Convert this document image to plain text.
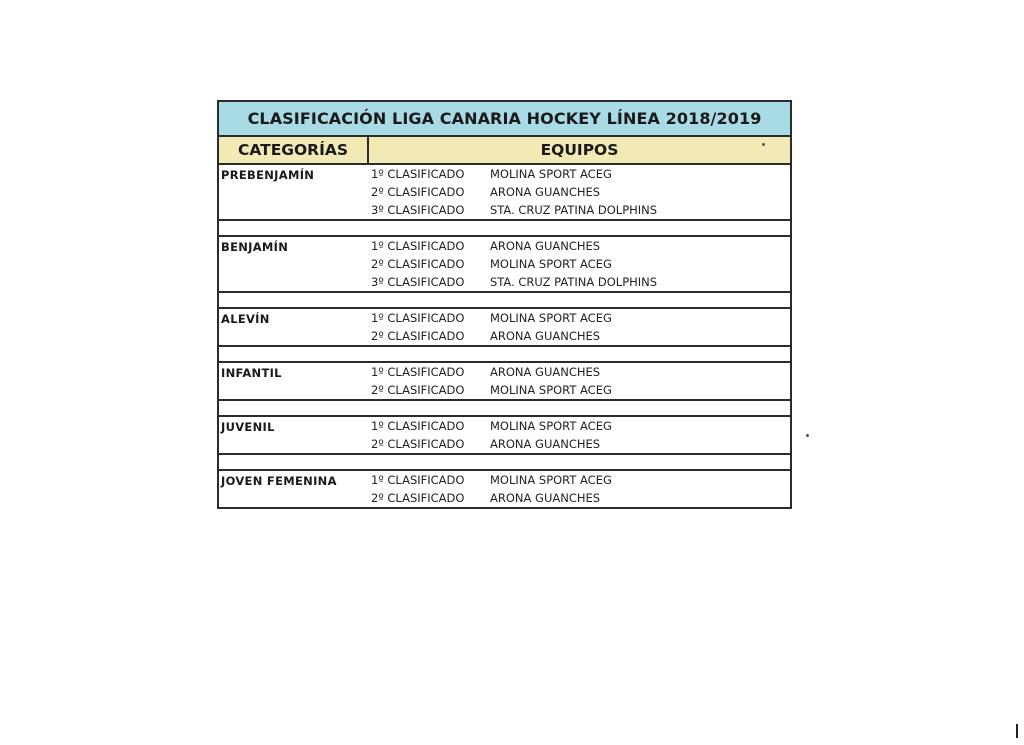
CLASIFICACIÓN LIGA CANARIA HOCKEY LÍNEA 2018/2019
CATEGORÍAS	EQUIPOS
PREBENJAMÍN	1º CLASIFICADO	MOLINA SPORT ACEG
2º CLASIFICADO	ARONA GUANCHES
3º CLASIFICADO	STA. CRUZ PATINA DOLPHINS
BENJAMÍN	1º CLASIFICADO	ARONA GUANCHES
2º CLASIFICADO	MOLINA SPORT ACEG
3º CLASIFICADO	STA. CRUZ PATINA DOLPHINS
ALEVÍN	1º CLASIFICADO	MOLINA SPORT ACEG
2º CLASIFICADO	ARONA GUANCHES
INFANTIL	1º CLASIFICADO	ARONA GUANCHES
2º CLASIFICADO	MOLINA SPORT ACEG
JUVENIL	1º CLASIFICADO	MOLINA SPORT ACEG
2º CLASIFICADO	ARONA GUANCHES
JOVEN FEMENINA	1º CLASIFICADO	MOLINA SPORT ACEG
2º CLASIFICADO	ARONA GUANCHES
